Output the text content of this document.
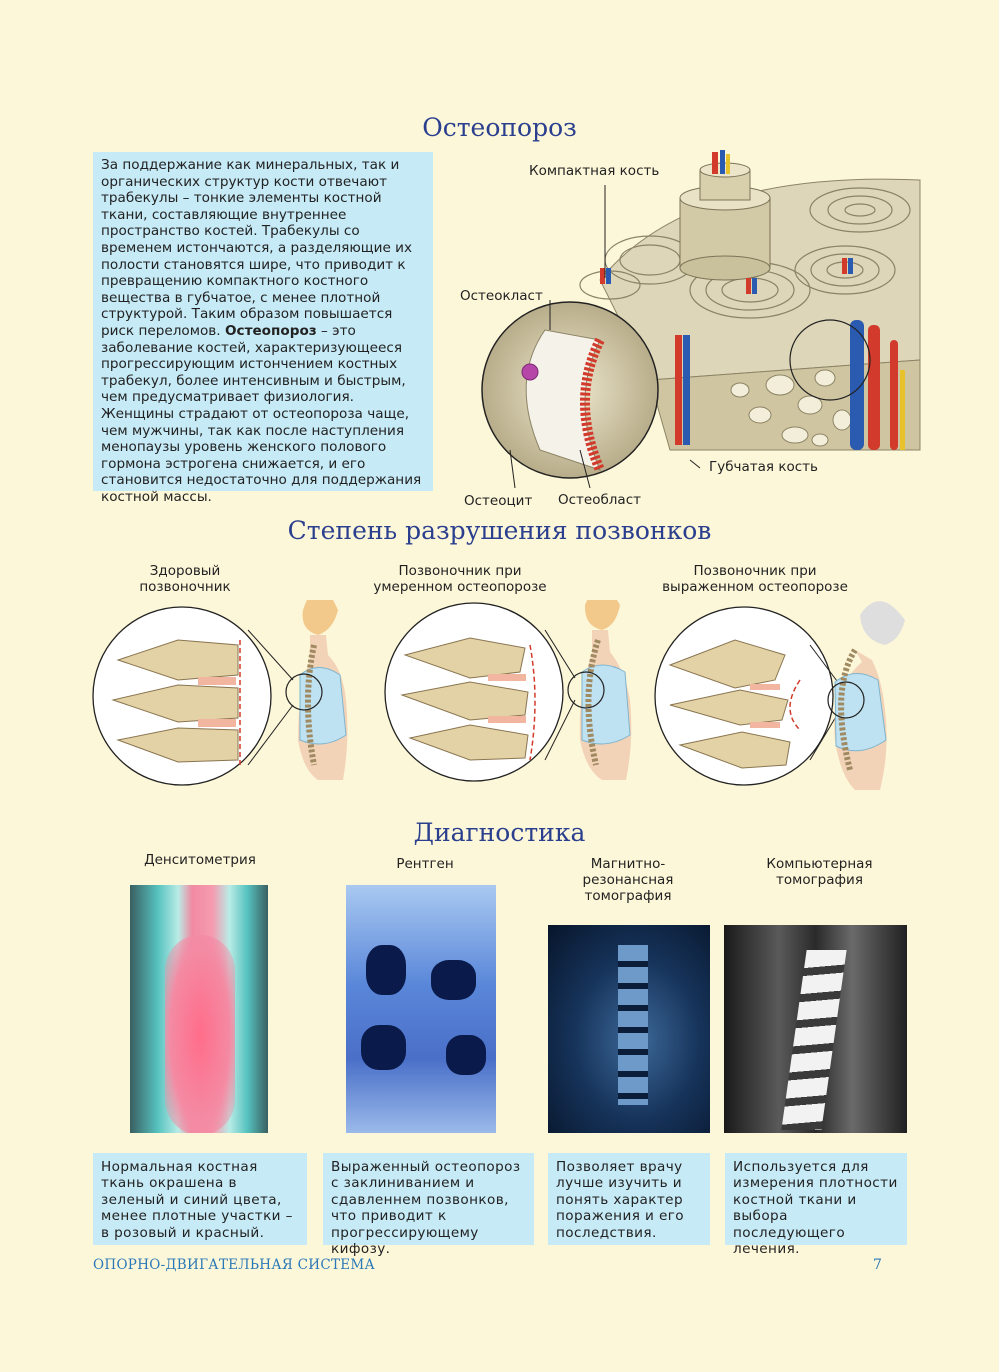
Остеопороз
За поддержание как минеральных, так и органических структур кости отвечают трабекулы – тонкие элементы костной ткани, составляющие внутреннее пространство костей. Трабекулы со временем истончаются, а разделяющие их полости становятся шире, что приводит к превращению компактного костного вещества в губчатое, с менее плотной структурой. Таким образом повышается риск переломов. Остеопороз – это заболевание костей, характеризующееся прогрессирующим истончением костных трабекул, более интенсивным и быстрым, чем предусматривает физиология. Женщины страдают от остеопороза чаще, чем мужчины, так как после наступления менопаузы уровень женского полового гормона эстрогена снижается, и его становится недостаточно для поддержания костной массы.
Компактная кость
Остеокласт
Губчатая кость
Остеоцит Остеобласт
Степень разрушения позвонков
Здоровый
позвоночник
Позвоночник при
умеренном остеопорозе
Позвоночник при
выраженном остеопорозе
Диагностика
Денситометрия	Рентген	Магнитно-
резонансная
томография
Компьютерная
томография
Нормальная костная ткань окрашена в зеленый и синий цвета, менее плотные участки – в розовый и красный.
Выраженный остеопороз с заклиниванием и сдавленнем позвонков, что приводит к прогрессирующему кифозу.
Позволяет врачу лучше изучить и понять характер поражения и его последствия.
Используется для измерения плотности костной ткани и выбора последующего лечения.
ОПОРНО-ДВИГАТЕЛЬНАЯ СИСТЕМА	7
